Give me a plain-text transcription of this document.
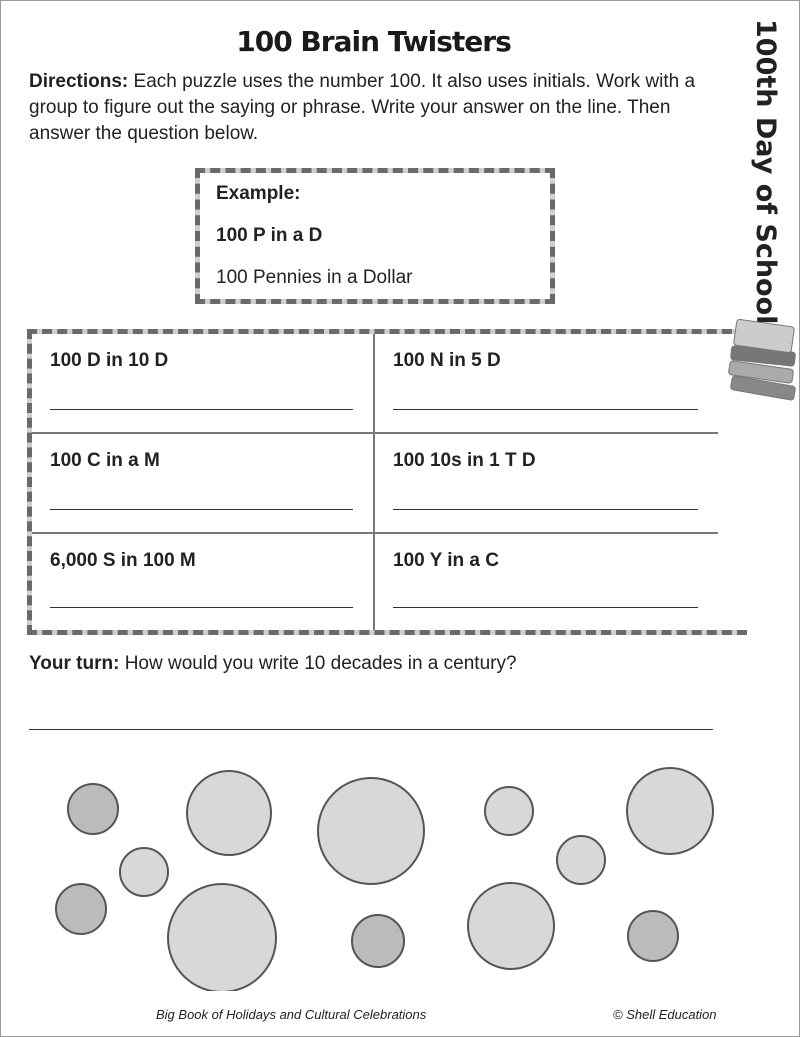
100 Brain Twisters
Directions: Each puzzle uses the number 100. It also uses initials. Work with a group to figure out the saying or phrase. Write your answer on the line. Then answer the question below.
Example:
100 P in a D
100 Pennies in a Dollar
100 D in 10 D	100 N in 5 D
100 C in a M	100 10s in 1 T D
6,000 S in 100 M	100 Y in a C
Your turn: How would you write 10 decades in a century?
100th Day of School
Big Book of Holidays and Cultural Celebrations	© Shell Education
